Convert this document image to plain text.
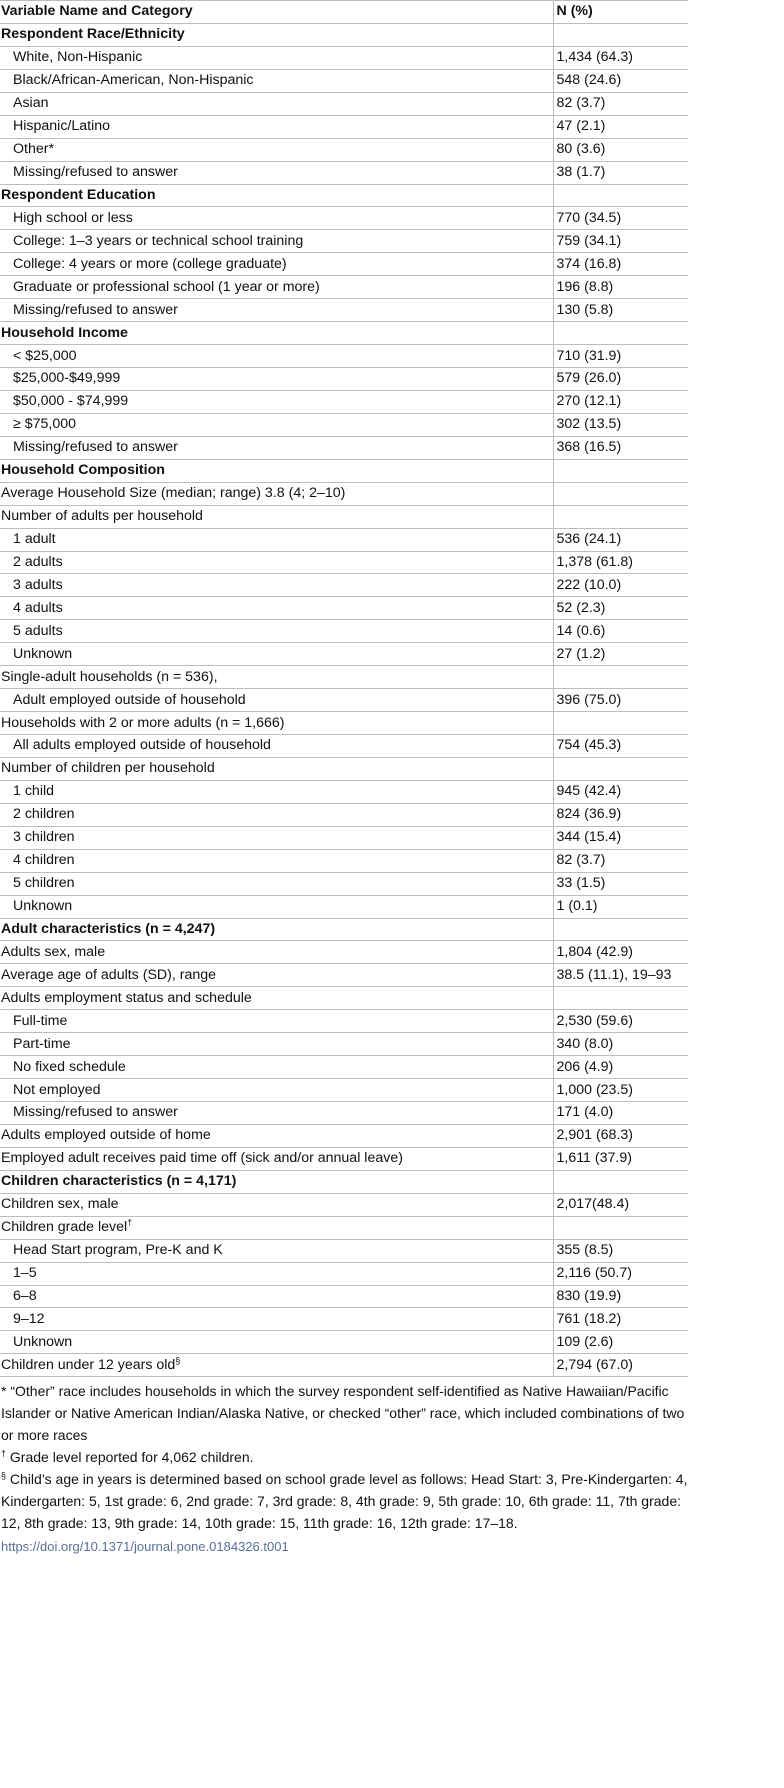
Variable Name and Category	N (%)
Respondent Race/Ethnicity	
White, Non-Hispanic	1,434 (64.3)
Black/African-American, Non-Hispanic	548 (24.6)
Asian	82 (3.7)
Hispanic/Latino	47 (2.1)
Other*	80 (3.6)
Missing/refused to answer	38 (1.7)
Respondent Education	
High school or less	770 (34.5)
College: 1–3 years or technical school training	759 (34.1)
College: 4 years or more (college graduate)	374 (16.8)
Graduate or professional school (1 year or more)	196 (8.8)
Missing/refused to answer	130 (5.8)
Household Income	
< $25,000	710 (31.9)
$25,000-$49,999	579 (26.0)
$50,000 - $74,999	270 (12.1)
≥ $75,000	302 (13.5)
Missing/refused to answer	368 (16.5)
Household Composition	
Average Household Size (median; range) 3.8 (4; 2–10)	
Number of adults per household	
1 adult	536 (24.1)
2 adults	1,378 (61.8)
3 adults	222 (10.0)
4 adults	52 (2.3)
5 adults	14 (0.6)
Unknown	27 (1.2)
Single-adult households (n = 536),	
Adult employed outside of household	396 (75.0)
Households with 2 or more adults (n = 1,666)	
All adults employed outside of household	754 (45.3)
Number of children per household	
1 child	945 (42.4)
2 children	824 (36.9)
3 children	344 (15.4)
4 children	82 (3.7)
5 children	33 (1.5)
Unknown	1 (0.1)
Adult characteristics (n = 4,247)	
Adults sex, male	1,804 (42.9)
Average age of adults (SD), range	38.5 (11.1), 19–93
Adults employment status and schedule	
Full-time	2,530 (59.6)
Part-time	340 (8.0)
No fixed schedule	206 (4.9)
Not employed	1,000 (23.5)
Missing/refused to answer	171 (4.0)
Adults employed outside of home	2,901 (68.3)
Employed adult receives paid time off (sick and/or annual leave)	1,611 (37.9)
Children characteristics (n = 4,171)	
Children sex, male	2,017(48.4)
Children grade level†	
Head Start program, Pre-K and K	355 (8.5)
1–5	2,116 (50.7)
6–8	830 (19.9)
9–12	761 (18.2)
Unknown	109 (2.6)
Children under 12 years old§	2,794 (67.0)

* “Other” race includes households in which the survey respondent self-identified as Native Hawaiian/Pacific Islander or Native American Indian/Alaska Native, or checked “other” race, which included combinations of two or more races

† Grade level reported for 4,062 children.

§ Child’s age in years is determined based on school grade level as follows: Head Start: 3, Pre-Kindergarten: 4, Kindergarten: 5, 1st grade: 6, 2nd grade: 7, 3rd grade: 8, 4th grade: 9, 5th grade: 10, 6th grade: 11, 7th grade: 12, 8th grade: 13, 9th grade: 14, 10th grade: 15, 11th grade: 16, 12th grade: 17–18.

https://doi.org/10.1371/journal.pone.0184326.t001
